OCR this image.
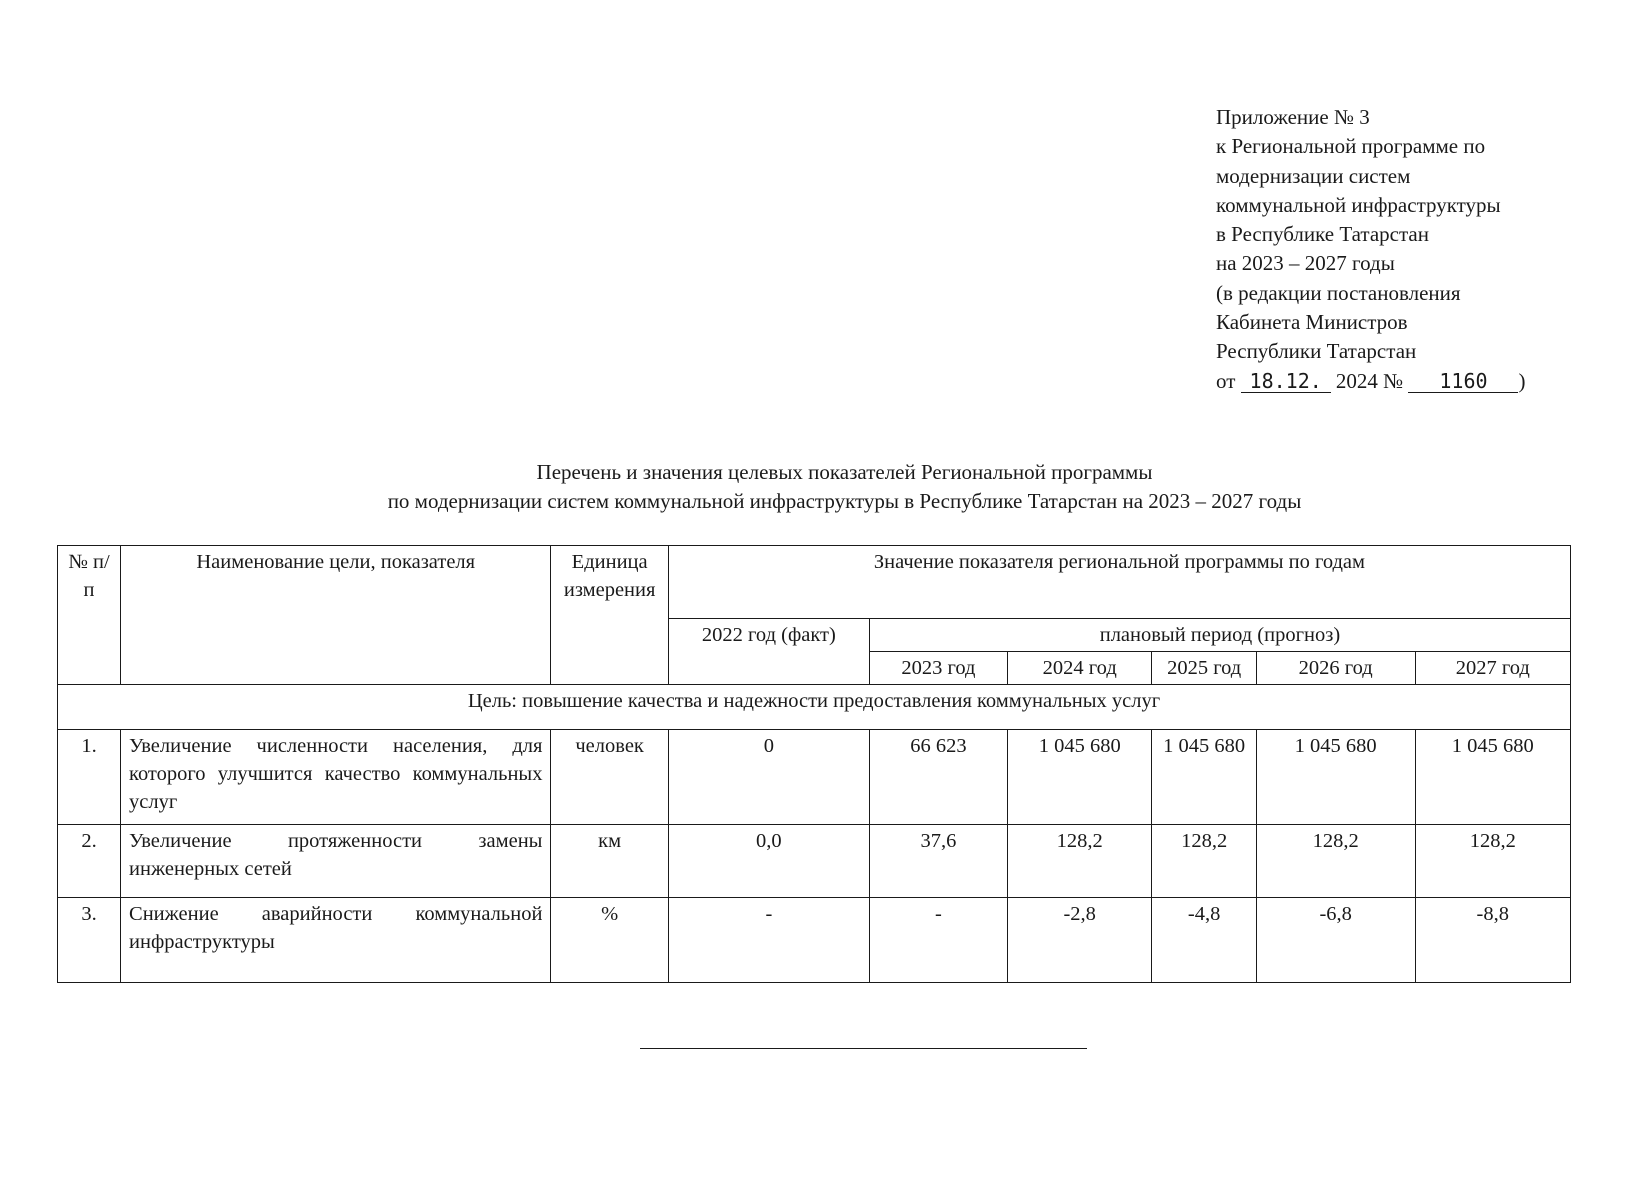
Приложение № 3
к Региональной программе по
модернизации систем
коммунальной инфраструктуры
в Республике Татарстан
на 2023 – 2027 годы
(в редакции постановления
Кабинета Министров
Республики Татарстан
от 18.12. 2024 № 1160 )
Перечень и значения целевых показателей Региональной программы
по модернизации систем коммунальной инфраструктуры в Республике Татарстан на 2023 – 2027 годы
№ п/п	Наименование цели, показателя	Единица измерения	Значение показателя региональной программы по годам					
			2022 год (факт)	плановый период (прогноз)				
				2023 год	2024 год	2025 год	2026 год	2027 год
Цель: повышение качества и надежности предоставления коммунальных услуг								
1.	Увеличение численности населения, для которого улучшится качество коммунальных услуг	человек	0	66 623	1 045 680	1 045 680	1 045 680	1 045 680
2.	Увеличение протяженности замены инженерных сетей	км	0,0	37,6	128,2	128,2	128,2	128,2
3.	Снижение аварийности коммунальной инфраструктуры	%	-	-	-2,8	-4,8	-6,8	-8,8
